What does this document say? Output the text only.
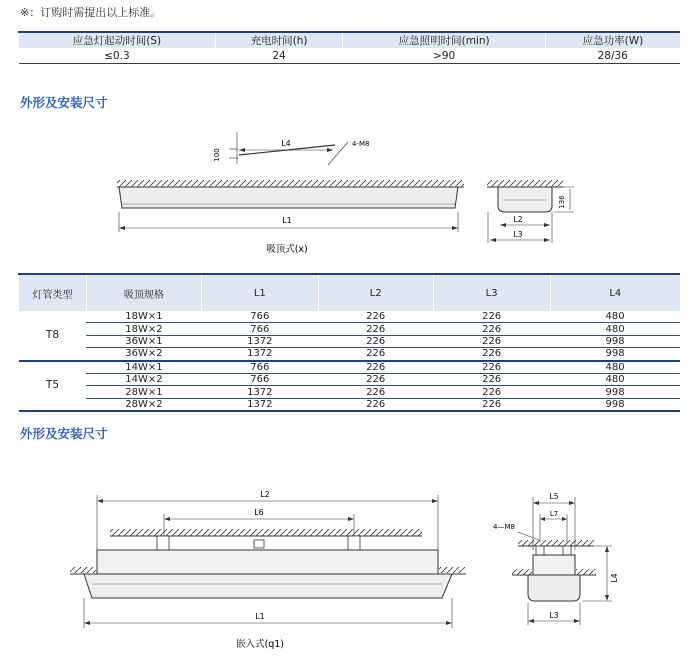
※：订购时需提出以上标准。
应急灯起动时间(S)	充电时间(h)	应急照明时间(min)	应急功率(W)
≤0.3	24	>90	28/36
外形及安装尺寸
L1
L4
100
4-M8
吸顶式(x)
136
L2
L3
L2
L6
L1
嵌入式(q1)
L5
L7
4—M8
L4
L3
灯管类型	吸顶规格	L1	L2	L3	L4
T8	18W×1	766	226	226	480
	18W×2	766	226	226	480
	36W×1	1372	226	226	998
	36W×2	1372	226	226	998
T5	14W×1	766	226	226	480
	14W×2	766	226	226	480
	28W×1	1372	226	226	998
	28W×2	1372	226	226	998
外形及安装尺寸
